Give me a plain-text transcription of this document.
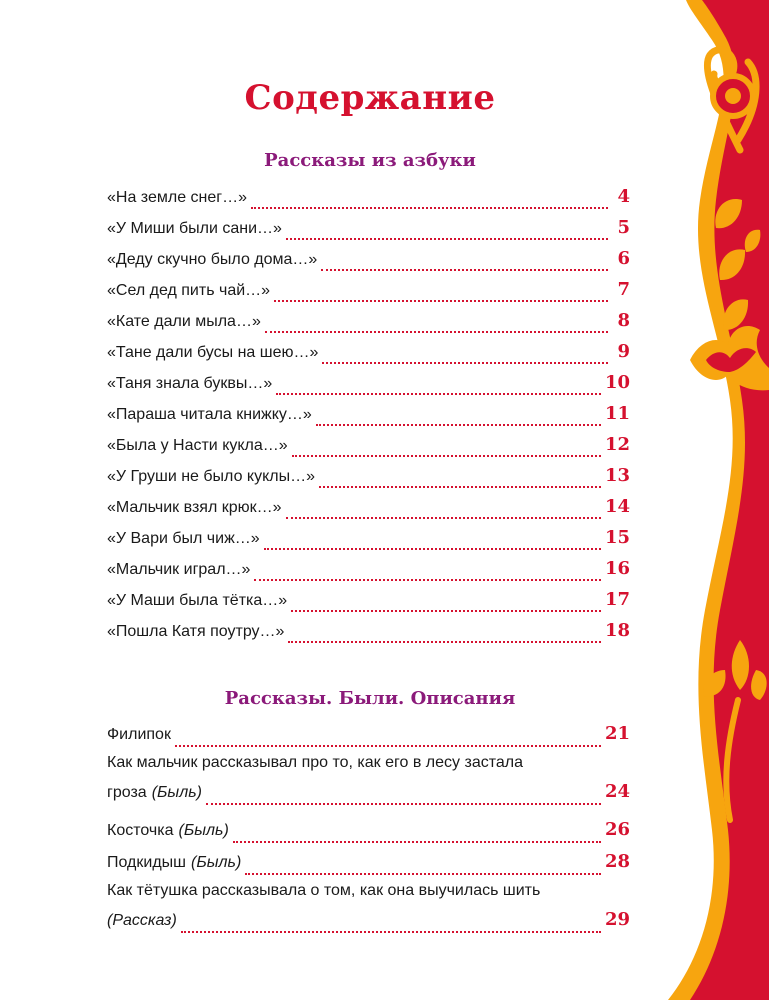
Содержание
Рассказы из азбуки
«На земле снег…»	4
«У Миши были сани…»	5
«Деду скучно было дома…»	6
«Сел дед пить чай…»	7
«Кате дали мыла…»	8
«Тане дали бусы на шею…»	9
«Таня знала буквы…»	10
«Параша читала книжку…»	11
«Была у Насти кукла…»	12
«У Груши не было куклы…»	13
«Мальчик взял крюк…»	14
«У Вари был чиж…»	15
«Мальчик играл…»	16
«У Маши была тётка…»	17
«Пошла Катя поутру…»	18
Рассказы. Были. Описания
Филипок	21
Как мальчик рассказывал про то, как его в лесу застала
гроза (Быль)	24
Косточка (Быль)	26
Подкидыш (Быль)	28
Как тётушка рассказывала о том, как она выучилась шить
(Рассказ)	29
